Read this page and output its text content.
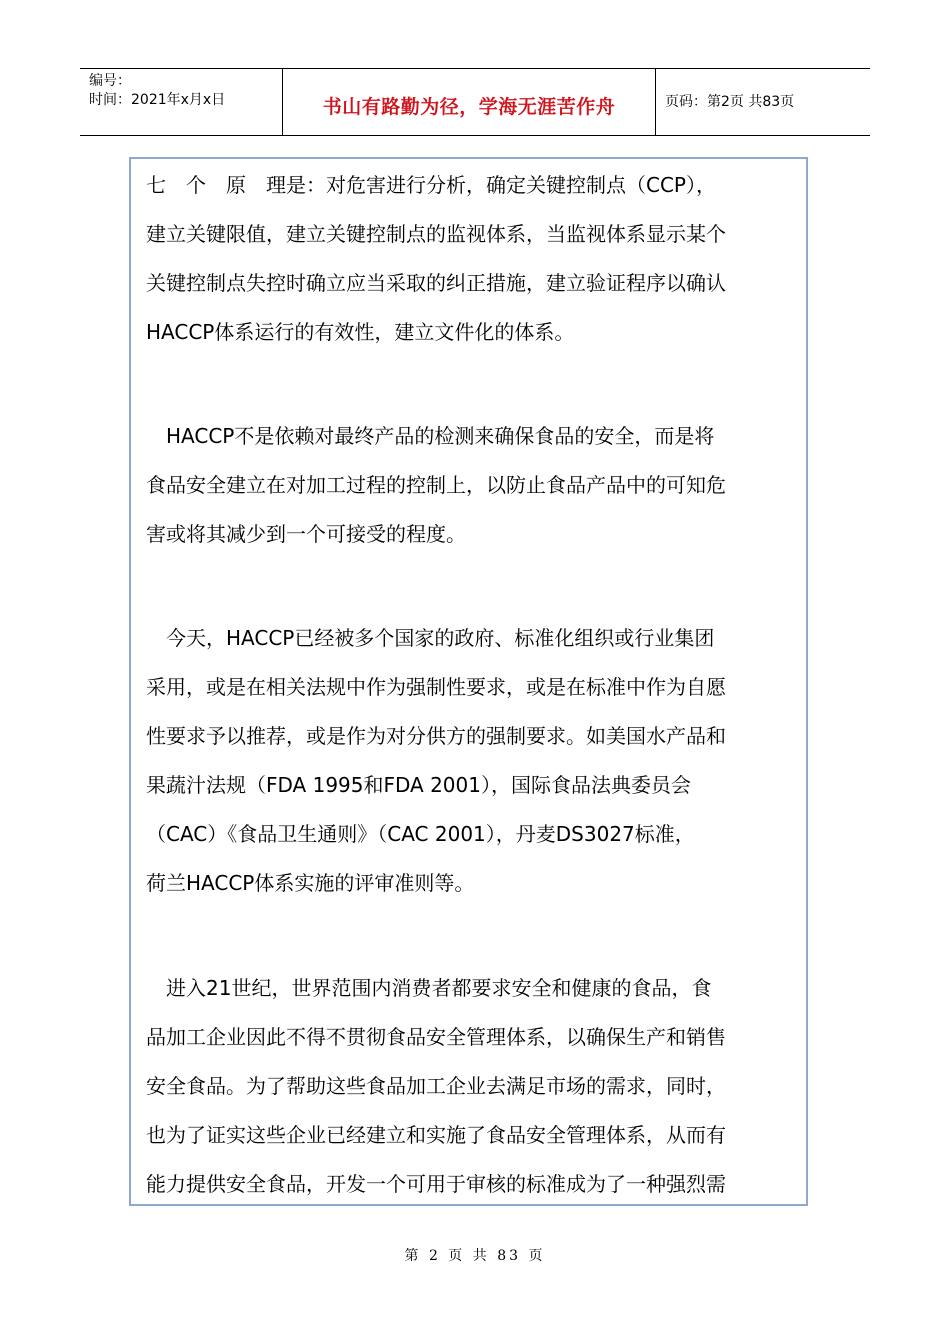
编号：
时间：2021年x月x日	书山有路勤为径，学海无涯苦作舟	页码：第2页 共83页
七　个　原　理是：对危害进行分析，确定关键控制点（CCP），
建立关键限值，建立关键控制点的监视体系，当监视体系显示某个
关键控制点失控时确立应当采取的纠正措施，建立验证程序以确认
HACCP体系运行的有效性，建立文件化的体系。
　HACCP不是依赖对最终产品的检测来确保食品的安全，而是将
食品安全建立在对加工过程的控制上，以防止食品产品中的可知危
害或将其减少到一个可接受的程度。
　今天，HACCP已经被多个国家的政府、标准化组织或行业集团
采用，或是在相关法规中作为强制性要求，或是在标准中作为自愿
性要求予以推荐，或是作为对分供方的强制要求。如美国水产品和
果蔬汁法规（FDA 1995和FDA 2001），国际食品法典委员会
（CAC）《食品卫生通则》（CAC 2001），丹麦DS3027标准，
荷兰HACCP体系实施的评审准则等。
　进入21世纪，世界范围内消费者都要求安全和健康的食品，食
品加工企业因此不得不贯彻食品安全管理体系，以确保生产和销售
安全食品。为了帮助这些食品加工企业去满足市场的需求，同时，
也为了证实这些企业已经建立和实施了食品安全管理体系，从而有
能力提供安全食品，开发一个可用于审核的标准成为了一种强烈需
第 2 页 共 83 页
